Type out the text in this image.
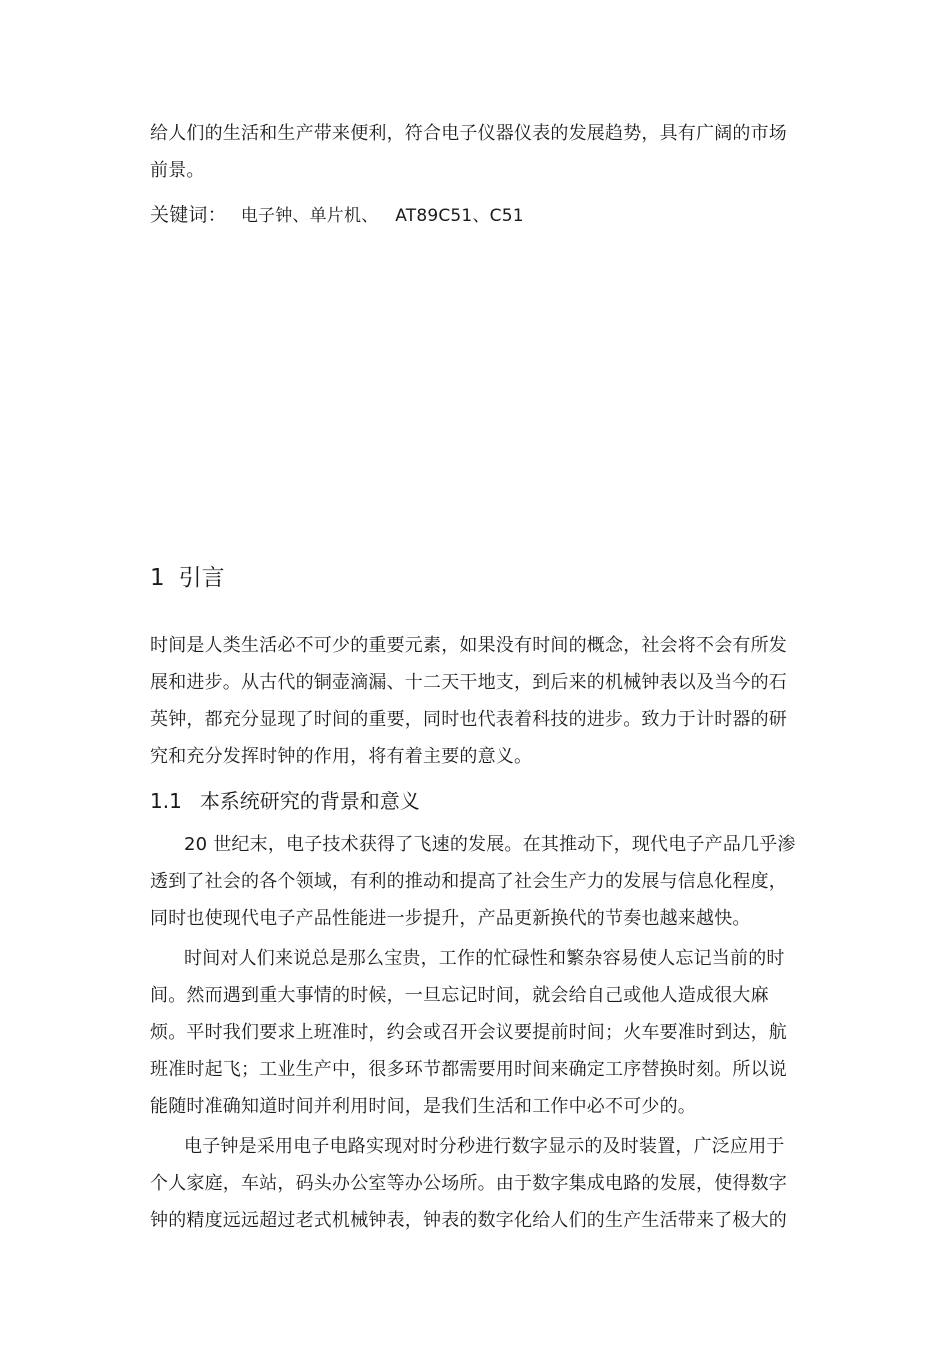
给人们的生活和生产带来便利，符合电子仪器仪表的发展趋势，具有广阔的市场
前景。
关键词： 电子钟、单片机、   AT89C51、C51
1 引言
时间是人类生活必不可少的重要元素，如果没有时间的概念，社会将不会有所发
展和进步。从古代的铜壶滴漏、十二天干地支，到后来的机械钟表以及当今的石
英钟，都充分显现了时间的重要，同时也代表着科技的进步。致力于计时器的研
究和充分发挥时钟的作用，将有着主要的意义。
1.1 本系统研究的背景和意义
20 世纪末，电子技术获得了飞速的发展。在其推动下，现代电子产品几乎渗
透到了社会的各个领域，有利的推动和提高了社会生产力的发展与信息化程度，
同时也使现代电子产品性能进一步提升，产品更新换代的节奏也越来越快。
时间对人们来说总是那么宝贵，工作的忙碌性和繁杂容易使人忘记当前的时
间。然而遇到重大事情的时候，一旦忘记时间，就会给自己或他人造成很大麻
烦。平时我们要求上班准时，约会或召开会议要提前时间；火车要准时到达，航
班准时起飞；工业生产中，很多环节都需要用时间来确定工序替换时刻。所以说
能随时准确知道时间并利用时间，是我们生活和工作中必不可少的。
电子钟是采用电子电路实现对时分秒进行数字显示的及时装置，广泛应用于
个人家庭，车站，码头办公室等办公场所。由于数字集成电路的发展，使得数字
钟的精度远远超过老式机械钟表，钟表的数字化给人们的生产生活带来了极大的
